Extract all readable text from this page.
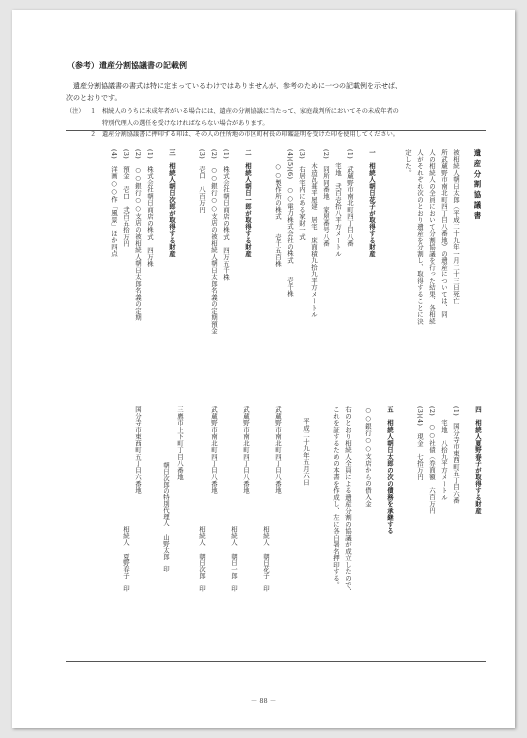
（参考）遺産分割協議書の記載例

遺産分割協議書の書式は特に定まっているわけではありませんが、参考のために一つの記載例を示せば、

次のとおりです。
（注） １ 相続人のうちに未成年者がいる場合には、遺産の分割協議に当たって、家庭裁判所においてその未成年者の
特別代理人の選任を受けなければならない場合があります。
２ 遺産分割協議書に押印する印は、その人の住所地の市区町村長の印鑑証明を受けた印を使用してください。
遺産分割協議書
被相続人朝日太郎（平成二十九年一月二十三日死亡
所武蔵野市南北町四丁目八番地）の遺産については、同
人の相続人の全員において分割協議を行った結果、各相続
人がそれぞれ次のとおり遺産を分割し、取得することに決
定した。
一　相続人朝日花子が取得する財産
(1)　武蔵野市南北町四丁目八番
　　宅地　弐百壱拾八平方メートル
(2)　同所同番地　家屋番号八番
　　木造瓦葺平屋建　居宅　床面積九拾九平方メートル
(3)　右居宅内にある家財一式
(4)(5)(6)　○○電力株式会社の株式　　壱千株
　　○○製作所の株式　　壱千五百株
二　相続人朝日一郎が取得する財産
(1)　株式会社朝日商店の株式　四万五千株
(2)　○○銀行○○支店の被相続人朝日太郎名義の定期預金
(3)　壱口　八百万円
三　相続人朝日次郎が取得する財産
(1)　株式会社朝日商店の株式　四万株
(2)　○○銀行○○支店の被相続人朝日太郎名義の定期
(3)　預金　壱口　弐百五拾万円
(4)　洋画○○作「風景」ほか四点
四　相続人夏野春子が取得する財産
(1)　国分寺市東西町五丁目六番
　　宅地　八拾九平方メートル
(2)　○○社債（券面額　六百万円
(3)(4)　現金　七拾万円
五　相続人朝日太郎の次の債務を承継する
○○銀行○○支店からの借入金
右のとおり相続人全員による遺産分割の協議が成立したので、
これを証するための本書を作成し、左に各自署名押印する。
平成二十九年五月六日
武蔵野市南北町四丁目八番地
相続人朝日花子印
武蔵野市南北町四丁目八番地
相続人朝日一郎印
武蔵野市南北町四丁目八番地
相続人朝日次郎印
三鷹市上下町丁目八番地
朝日次郎の特別代理人山野太郎印
国分寺市東西町五丁目六番地
相続人夏野春子印
－ 88 －
